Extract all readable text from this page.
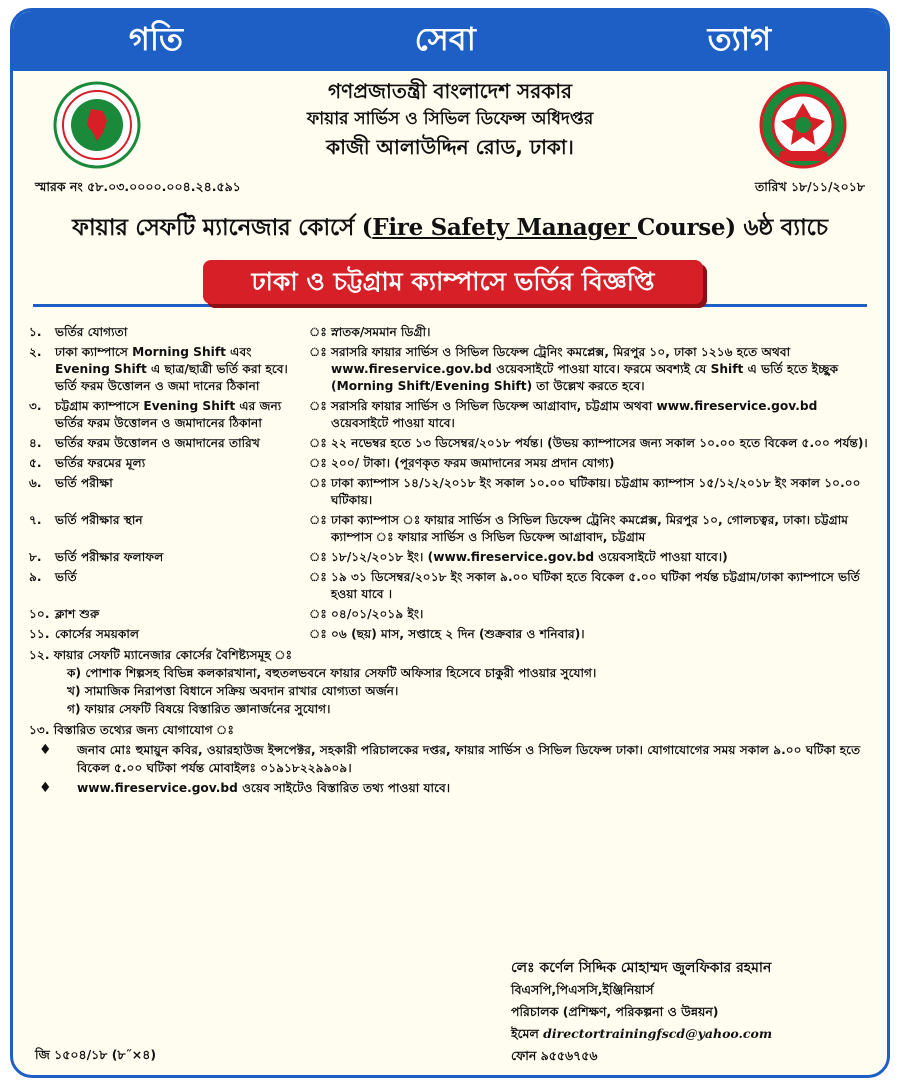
গতি	সেবা	ত্যাগ
গণপ্রজাতন্ত্রী বাংলাদেশ সরকার
ফায়ার সার্ভিস ও সিভিল ডিফেন্স অধিদপ্তর
কাজী আলাউদ্দিন রোড, ঢাকা।
স্মারক নং ৫৮.০৩.০০০০.০০৪.২৪.৫৯১	তারিখ ১৮/১১/২০১৮
ফায়ার সেফটি ম্যানেজার কোর্সে (Fire Safety Manager Course) ৬ষ্ঠ ব্যাচে
ঢাকা ও চট্টগ্রাম ক্যাম্পাসে ভর্তির বিজ্ঞপ্তি
১.	ভর্তির যোগ্যতা	ঃ স্নাতক/সমমান ডিগ্রী।
২.	ঢাকা ক্যাম্পাসে Morning Shift এবং Evening Shift এ ছাত্র/ছাত্রী ভর্তি করা হবে। ভর্তি ফরম উত্তোলন ও জমা দানের ঠিকানা
ঃ সরাসরি ফায়ার সার্ভিস ও সিভিল ডিফেন্স ট্রেনিং কমপ্লেক্স, মিরপুর ১০, ঢাকা ১২১৬ হতে অথবা www.fireservice.gov.bd ওয়েবসাইটে পাওয়া যাবে। ফরমে অবশ্যই যে Shift এ ভর্তি হতে ইচ্ছুক (Morning Shift/Evening Shift) তা উল্লেখ করতে হবে।
৩.	চট্টগ্রাম ক্যাম্পাসে Evening Shift এর জন্য ভর্তির ফরম উত্তোলন ও জমাদানের ঠিকানা
ঃ সরাসরি ফায়ার সার্ভিস ও সিভিল ডিফেন্স আগ্রাবাদ, চট্টগ্রাম অথবা www.fireservice.gov.bd ওয়েবসাইটে পাওয়া যাবে।
৪.	ভর্তির ফরম উত্তোলন ও জমাদানের তারিখ	ঃ ২২ নভেম্বর হতে ১৩ ডিসেম্বর/২০১৮ পর্যন্ত। (উভয় ক্যাম্পাসের জন্য সকাল ১০.০০ হতে বিকেল ৫.০০ পর্যন্ত)।
৫.	ভর্তির ফরমের মূল্য	ঃ ২০০/ টাকা। (পূরণকৃত ফরম জমাদানের সময় প্রদান যোগ্য)
৬.	ভর্তি পরীক্ষা	ঃ ঢাকা ক্যাম্পাস ১৪/১২/২০১৮ ইং সকাল ১০.০০ ঘটিকায়। চট্টগ্রাম ক্যাম্পাস ১৫/১২/২০১৮ ইং সকাল ১০.০০ ঘটিকায়।
৭.	ভর্তি পরীক্ষার স্থান	ঃ ঢাকা ক্যাম্পাস ঃ ফায়ার সার্ভিস ও সিভিল ডিফেন্স ট্রেনিং কমপ্লেক্স, মিরপুর ১০, গোলচত্বর, ঢাকা। চট্টগ্রাম ক্যাম্পাস ঃ ফায়ার সার্ভিস ও সিভিল ডিফেন্স আগ্রাবাদ, চট্টগ্রাম
৮.	ভর্তি পরীক্ষার ফলাফল	ঃ ১৮/১২/২০১৮ ইং। (www.fireservice.gov.bd ওয়েবসাইটে পাওয়া যাবে।)
৯.	ভর্তি	ঃ ১৯ ৩১ ডিসেম্বর/২০১৮ ইং সকাল ৯.০০ ঘটিকা হতে বিকেল ৫.০০ ঘটিকা পর্যন্ত চট্টগ্রাম/ঢাকা ক্যাম্পাসে ভর্তি হওয়া যাবে ।
১০. ক্লাশ শুরু	ঃ ০৪/০১/২০১৯ ইং।
১১. কোর্সের সময়কাল	ঃ ০৬ (ছয়) মাস, সপ্তাহে ২ দিন (শুক্রবার ও শনিবার)।
১২. ফায়ার সেফটি ম্যানেজার কোর্সের বৈশিষ্ট্যসমূহ ঃ
ক) পোশাক শিল্পসহ বিভিন্ন কলকারখানা, বহুতলভবনে ফায়ার সেফটি অফিসার হিসেবে চাকুরী পাওয়ার সুযোগ।
খ) সামাজিক নিরাপত্তা বিধানে সক্রিয় অবদান রাখার যোগ্যতা অর্জন।
গ) ফায়ার সেফটি বিষয়ে বিস্তারিত জ্ঞানার্জনের সুযোগ।
১৩. বিস্তারিত তথ্যের জন্য যোগাযোগ ঃ
♦	জনাব মোঃ হুমায়ুন কবির, ওয়ারহাউজ ইন্সপেক্টর, সহকারী পরিচালকের দপ্তর, ফায়ার সার্ভিস ও সিভিল ডিফেন্স ঢাকা। যোগাযোগের সময় সকাল ৯.০০ ঘটিকা হতে বিকেল ৫.০০ ঘটিকা পর্যন্ত মোবাইলঃ ০১৯১৮২২৯৯০৯।
♦	www.fireservice.gov.bd ওয়েব সাইটেও বিস্তারিত তথ্য পাওয়া যাবে।
লেঃ কর্ণেল সিদ্দিক মোহাম্মদ জুলফিকার রহমান
বিএসপি,পিএসসি,ইঞ্জিনিয়ার্স
পরিচালক (প্রশিক্ষণ, পরিকল্পনা ও উন্নয়ন)
ইমেল directortrainingfscd@yahoo.com
ফোন ৯৫৫৬৭৫৬
জি ১৫০৪/১৮ (৮˝×৪)
